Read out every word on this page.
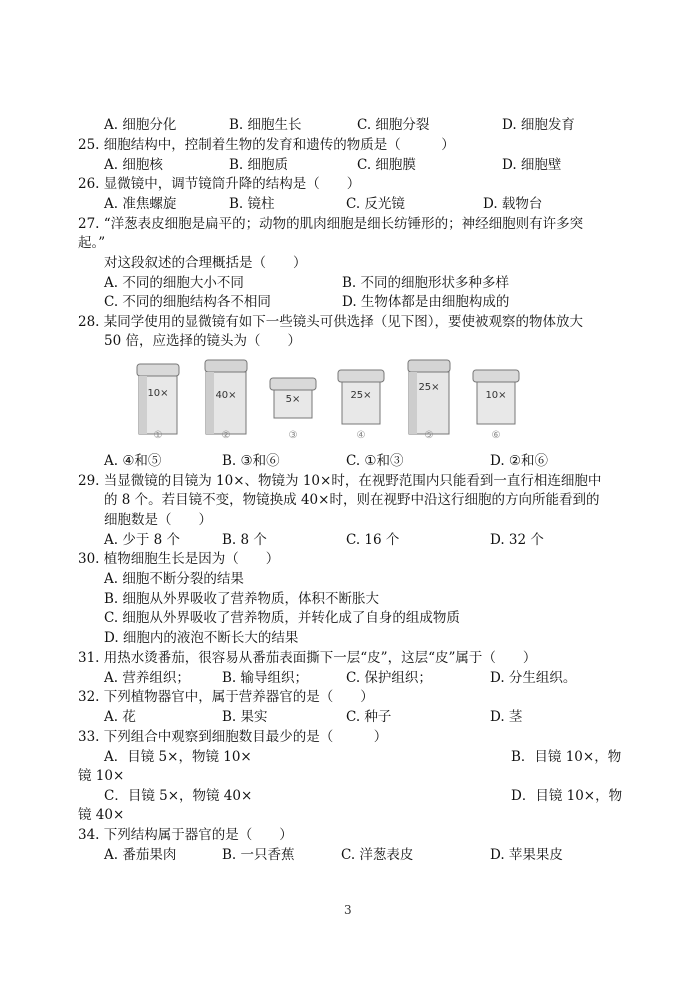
A. 细胞分化	B. 细胞生长	C. 细胞分裂	D. 细胞发育
25. 细胞结构中，控制着生物的发育和遗传的物质是（　　　）
A. 细胞核	B. 细胞质	C. 细胞膜	D. 细胞壁
26. 显微镜中，调节镜筒升降的结构是（　　）
A. 准焦螺旋	B. 镜柱	C. 反光镜	D. 载物台
27. “洋葱表皮细胞是扁平的；动物的肌肉细胞是细长纺锤形的；神经细胞则有许多突
起。”
对这段叙述的合理概括是（　　）
A. 不同的细胞大小不同	B. 不同的细胞形状多种多样
C. 不同的细胞结构各不相同	D. 生物体都是由细胞构成的
28. 某同学使用的显微镜有如下一些镜头可供选择（见下图），要使被观察的物体放大
50 倍，应选择的镜头为（　　）
10×
①
40×
②
5×
③
25×
④
25×
⑤
10×
⑥
A. ④和⑤	B. ③和⑥	C. ①和③	D. ②和⑥
29. 当显微镜的目镜为 10×、物镜为 10×时，在视野范围内只能看到一直行相连细胞中
的 8 个。若目镜不变，物镜换成 40×时，则在视野中沿这行细胞的方向所能看到的
细胞数是（　　）
A. 少于 8 个	B. 8 个	C. 16 个	D. 32 个
30. 植物细胞生长是因为（　　）
A. 细胞不断分裂的结果
B. 细胞从外界吸收了营养物质，体积不断胀大
C. 细胞从外界吸收了营养物质，并转化成了自身的组成物质
D. 细胞内的液泡不断长大的结果
31. 用热水烫番茄，很容易从番茄表面撕下一层“皮”，这层“皮”属于（　　）
A. 营养组织； B. 输导组织；	C. 保护组织；	D. 分生组织。
32. 下列植物器官中，属于营养器官的是（　　）
A. 花	B. 果实	C. 种子	D. 茎
33. 下列组合中观察到细胞数目最少的是（　　　）
A．目镜 5×，物镜 10×	B．目镜 10×，物
镜 10×
C．目镜 5×，物镜 40×	D．目镜 10×，物
镜 40×
34. 下列结构属于器官的是（　　）
A. 番茄果肉	B. 一只香蕉	C. 洋葱表皮	D. 苹果果皮
3
